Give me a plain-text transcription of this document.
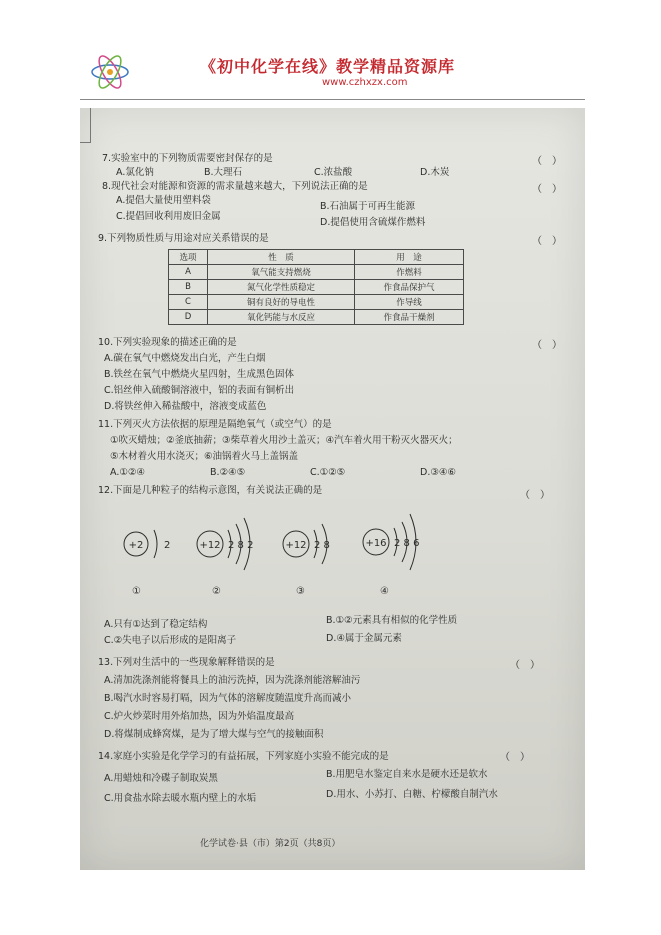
《初中化学在线》教学精品资源库
www.czhxzx.com
7.实验室中的下列物质需要密封保存的是	（　）
A.氯化钠	B.大理石	C.浓盐酸	D.木炭
8.现代社会对能源和资源的需求量越来越大，下列说法正确的是	（　）
A.提倡大量使用塑料袋
B.石油属于可再生能源
C.提倡回收利用废旧金属
D.提倡使用含硫煤作燃料
9.下列物质性质与用途对应关系错误的是	（　）
选项	性　质	用　途
A	氧气能支持燃烧	作燃料
B	氮气化学性质稳定	作食品保护气
C	铜有良好的导电性	作导线
D	氧化钙能与水反应	作食品干燥剂
10.下列实验现象的描述正确的是	（　）
A.碳在氧气中燃烧发出白光，产生白烟
B.铁丝在氧气中燃烧火星四射，生成黑色固体
C.铝丝伸入硫酸铜溶液中，铝的表面有铜析出
D.将铁丝伸入稀盐酸中，溶液变成蓝色
11.下列灭火方法依据的原理是隔绝氧气（或空气）的是
①吹灭蜡烛；②釜底抽薪；③柴草着火用沙土盖灭；④汽车着火用干粉灭火器灭火；
⑤木材着火用水浇灭；⑥油锅着火马上盖锅盖
A.①②④	B.②④⑤	C.①②⑤	D.③④⑥
12.下面是几种粒子的结构示意图，有关说法正确的是	（　）
+2 2	+12 2 8 2	+12 2 8	+16 2 8 6
①	②	③	④
A.只有①达到了稳定结构	B.①②元素具有相似的化学性质
C.②失电子以后形成的是阳离子	D.④属于金属元素
13.下列对生活中的一些现象解释错误的是	（　）
A.清加洗涤剂能将餐具上的油污洗掉，因为洗涤剂能溶解油污
B.喝汽水时容易打嗝，因为气体的溶解度随温度升高而减小
C.炉火炒菜时用外焰加热，因为外焰温度最高
D.将煤制成蜂窝煤，是为了增大煤与空气的接触面积
14.家庭小实验是化学学习的有益拓展，下列家庭小实验不能完成的是	（　）
A.用蜡烛和冷碟子制取炭黑	B.用肥皂水鉴定自来水是硬水还是软水
C.用食盐水除去暖水瓶内壁上的水垢	D.用水、小苏打、白糖、柠檬酸自制汽水
化学试卷·县（市）第2页（共8页）
